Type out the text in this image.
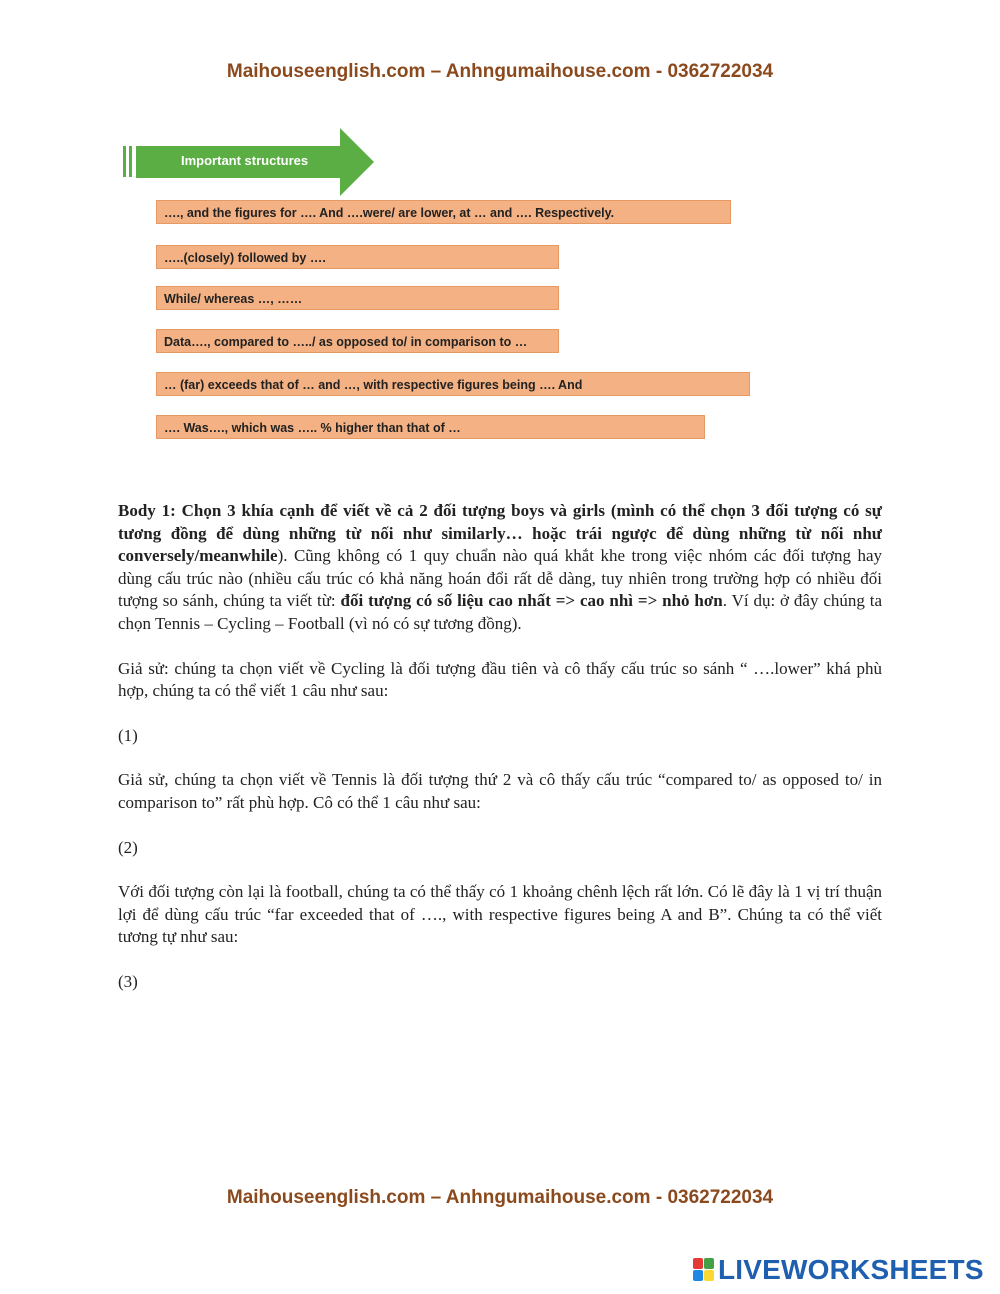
Maihouseenglish.com – Anhngumaihouse.com - 0362722034
Important structures
…., and the figures for …. And ….were/ are lower, at … and …. Respectively.
…..(closely) followed by ….
While/ whereas …, ……
Data…., compared to …../ as opposed to/ in comparison to …
… (far) exceeds that of … and …, with respective figures being …. And
…. Was…., which was ….. % higher than that of …

Body 1: Chọn 3 khía cạnh để viết về cả 2 đối tượng boys và girls (mình có thể chọn 3 đối tượng có sự tương đồng để dùng những từ nối như similarly… hoặc trái ngược để dùng những từ nối như conversely/meanwhile). Cũng không có 1 quy chuẩn nào quá khắt khe trong việc nhóm các đối tượng hay dùng cấu trúc nào (nhiều cấu trúc có khả năng hoán đổi rất dễ dàng, tuy nhiên trong trường hợp có nhiều đối tượng so sánh, chúng ta viết từ: đối tượng có số liệu cao nhất => cao nhì => nhỏ hơn. Ví dụ: ở đây chúng ta chọn Tennis – Cycling – Football (vì nó có sự tương đồng).

Giả sử: chúng ta chọn viết về Cycling là đối tượng đầu tiên và cô thấy cấu trúc so sánh “ ….lower” khá phù hợp, chúng ta có thể viết 1 câu như sau:

(1)

Giả sử, chúng ta chọn viết về Tennis là đối tượng thứ 2 và cô thấy cấu trúc “compared to/ as opposed to/ in comparison to” rất phù hợp. Cô có thể 1 câu như sau:

(2)

Với đối tượng còn lại là football, chúng ta có thể thấy có 1 khoảng chênh lệch rất lớn. Có lẽ đây là 1 vị trí thuận lợi để dùng cấu trúc “far exceeded that of …., with respective figures being A and B”. Chúng ta có thể viết tương tự như sau:

(3)

Maihouseenglish.com – Anhngumaihouse.com - 0362722034
LIVEWORKSHEETS
